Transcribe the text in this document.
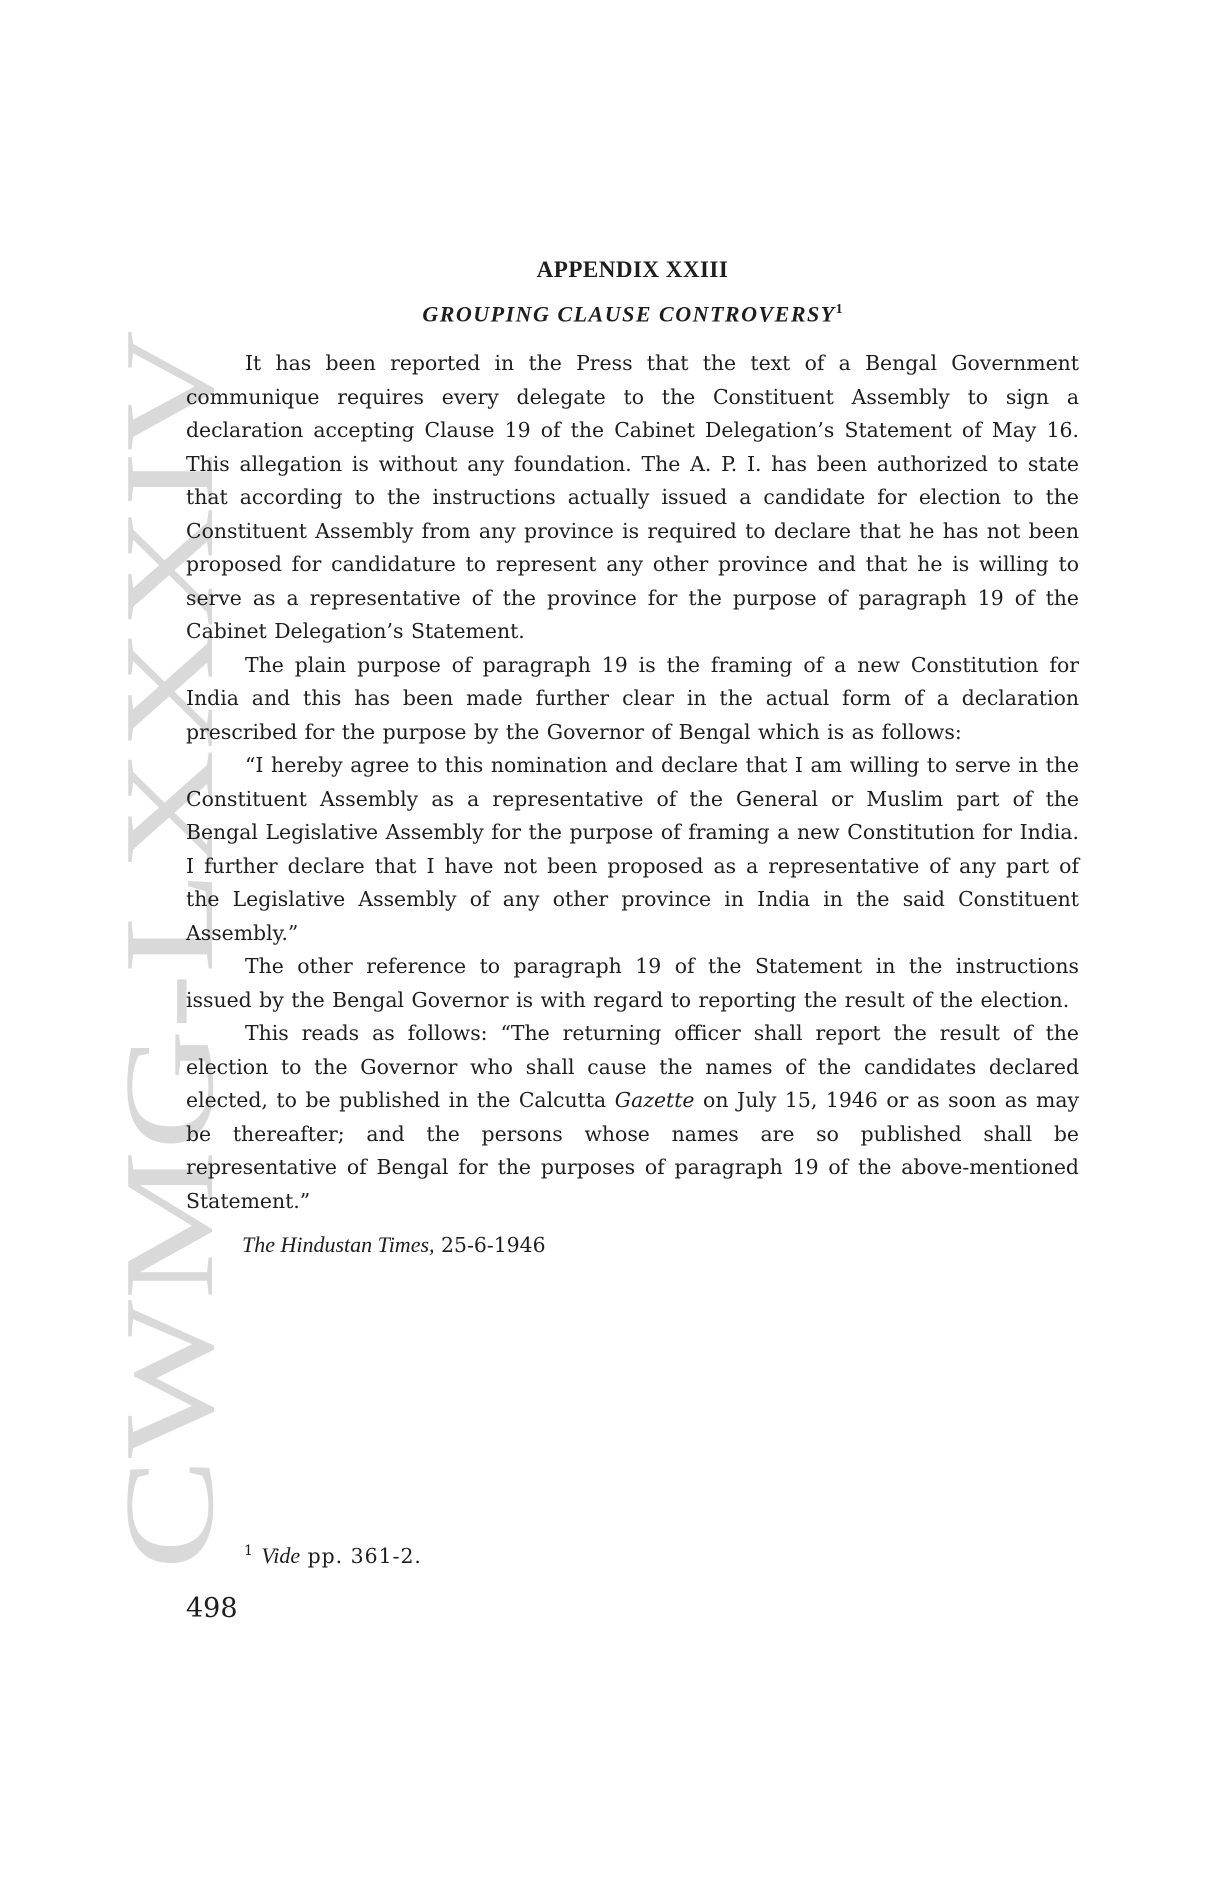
CWMG-LXXXIV
APPENDIX XXIII
GROUPING CLAUSE CONTROVERSY$^1$

It has been reported in the Press that the text of a Bengal Government communique requires every delegate to the Constituent Assembly to sign a declaration accepting Clause 19 of the Cabinet Delegation’s Statement of May 16. This allegation is without any foundation. The A. P. I. has been authorized to state that according to the instructions actually issued a candidate for election to the Constituent Assembly from any province is required to declare that he has not been proposed for candidature to represent any other province and that he is willing to serve as a representative of the province for the purpose of paragraph 19 of the Cabinet Delegation’s Statement.

The plain purpose of paragraph 19 is the framing of a new Constitution for India and this has been made further clear in the actual form of a declaration prescribed for the purpose by the Governor of Bengal which is as follows:

“I hereby agree to this nomination and declare that I am willing to serve in the Constituent Assembly as a representative of the General or Muslim part of the Bengal Legislative Assembly for the purpose of framing a new Constitution for India. I further declare that I have not been proposed as a representative of any part of the Legislative Assembly of any other province in India in the said Constituent Assembly.”

The other reference to paragraph 19 of the Statement in the instructions issued by the Bengal Governor is with regard to reporting the result of the election.

This reads as follows: “The returning officer shall report the result of the election to the Governor who shall cause the names of the candidates declared elected, to be published in the Calcutta Gazette on July 15, 1946 or as soon as may be thereafter; and the persons whose names are so published shall be representative of Bengal for the purposes of paragraph 19 of the above-mentioned Statement.”

The Hindustan Times, 25-6-1946
$^1$ Vide pp. 361-2.
498
